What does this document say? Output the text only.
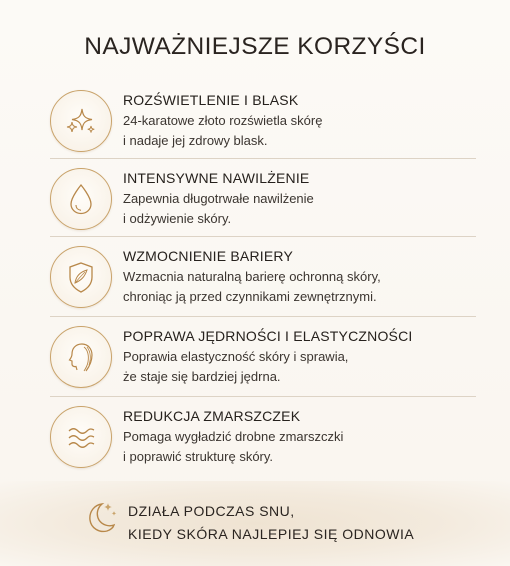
NAJWAŻNIEJSZE KORZYŚCI
ROZŚWIETLENIE I BLASK
24-karatowe złoto rozświetla skórę
i nadaje jej zdrowy blask.
INTENSYWNE NAWILŻENIE
Zapewnia długotrwałe nawilżenie
i odżywienie skóry.
WZMOCNIENIE BARIERY
Wzmacnia naturalną barierę ochronną skóry,
chroniąc ją przed czynnikami zewnętrznymi.
POPRAWA JĘDRNOŚCI I ELASTYCZNOŚCI
Poprawia elastyczność skóry i sprawia,
że staje się bardziej jędrna.
REDUKCJA ZMARSZCZEK
Pomaga wygładzić drobne zmarszczki
i poprawić strukturę skóry.
DZIAŁA PODCZAS SNU,
KIEDY SKÓRA NAJLEPIEJ SIĘ ODNOWIA
